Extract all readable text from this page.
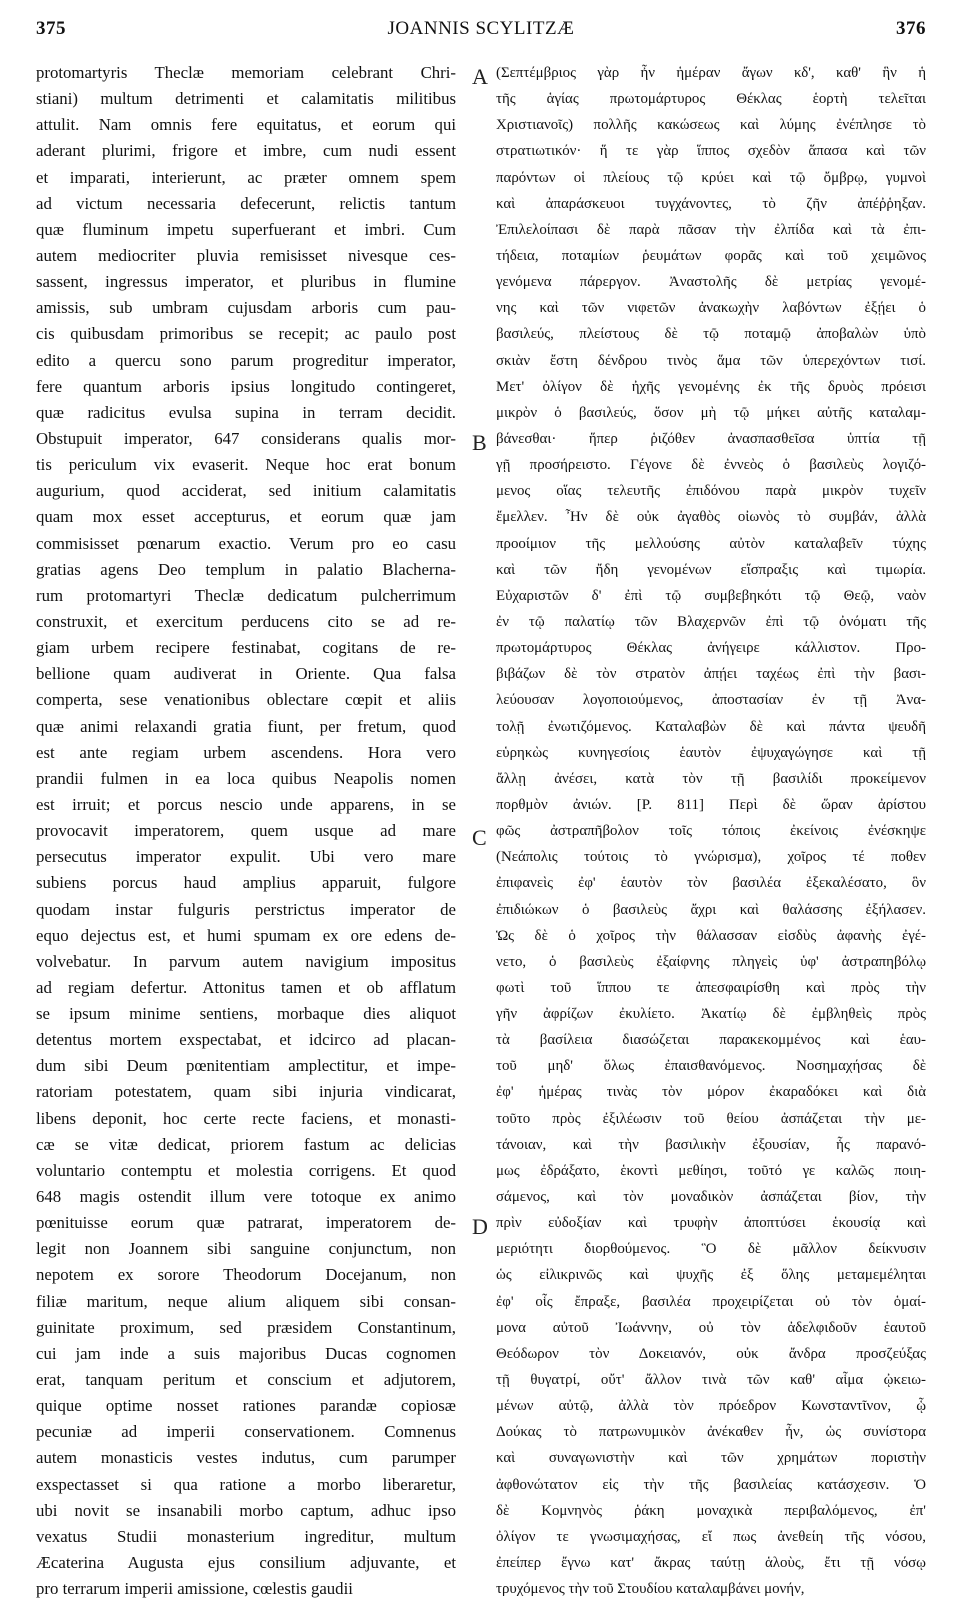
375	JOANNIS SCYLITZÆ	376
protomartyris Theclæ memoriam celebrant Chri-
stiani) multum detrimenti et calamitatis militibus
attulit. Nam omnis fere equitatus, et eorum qui
aderant plurimi, frigore et imbre, cum nudi essent
et imparati, interierunt, ac præter omnem spem
ad victum necessaria defecerunt, relictis tantum
quæ fluminum impetu superfuerant et imbri. Cum
autem mediocriter pluvia remisisset nivesque ces-
sassent, ingressus imperator, et pluribus in flumine
amissis, sub umbram cujusdam arboris cum pau-
cis quibusdam primoribus se recepit; ac paulo post
edito a quercu sono parum progreditur imperator,
fere quantum arboris ipsius longitudo contingeret,
quæ radicitus evulsa supina in terram decidit.
Obstupuit imperator, 647 considerans qualis mor-
tis periculum vix evaserit. Neque hoc erat bonum
augurium, quod acciderat, sed initium calamitatis
quam mox esset accepturus, et eorum quæ jam
commisisset pœnarum exactio. Verum pro eo casu
gratias agens Deo templum in palatio Blacherna-
rum protomartyri Theclæ dedicatum pulcherrimum
construxit, et exercitum perducens cito se ad re-
giam urbem recipere festinabat, cogitans de re-
bellione quam audiverat in Oriente. Qua falsa
comperta, sese venationibus oblectare cœpit et aliis
quæ animi relaxandi gratia fiunt, per fretum, quod
est ante regiam urbem ascendens. Hora vero
prandii fulmen in ea loca quibus Neapolis nomen
est irruit; et porcus nescio unde apparens, in se
provocavit imperatorem, quem usque ad mare
persecutus imperator expulit. Ubi vero mare
subiens porcus haud amplius apparuit, fulgore
quodam instar fulguris perstrictus imperator de
equo dejectus est, et humi spumam ex ore edens de-
volvebatur. In parvum autem navigium impositus
ad regiam defertur. Attonitus tamen et ob afflatum
se ipsum minime sentiens, morbaque dies aliquot
detentus mortem exspectabat, et idcirco ad placan-
dum sibi Deum pœnitentiam amplectitur, et impe-
ratoriam potestatem, quam sibi injuria vindicarat,
libens deponit, hoc certe recte faciens, et monasti-
cæ se vitæ dedicat, priorem fastum ac delicias
voluntario contemptu et molestia corrigens. Et quod
648 magis ostendit illum vere totoque ex animo
pœnituisse eorum quæ patrarat, imperatorem de-
legit non Joannem sibi sanguine conjunctum, non
nepotem ex sorore Theodorum Docejanum, non
filiæ maritum, neque alium aliquem sibi consan-
guinitate proximum, sed præsidem Constantinum,
cui jam inde a suis majoribus Ducas cognomen
erat, tanquam peritum et conscium et adjutorem,
quique optime nosset rationes parandæ copiosæ
pecuniæ ad imperii conservationem. Comnenus
autem monasticis vestes indutus, cum parumper
exspectasset si qua ratione a morbo liberaretur,
ubi novit se insanabili morbo captum, adhuc ipso
vexatus Studii monasterium ingreditur, multum
Æcaterina Augusta ejus consilium adjuvante, et
pro terrarum imperii amissione, cœlestis gaudii
(Σεπτέμβριος γὰρ ἦν ἡμέραν ἄγων κδ', καθ' ἣν ἡ
τῆς ἁγίας πρωτομάρτυρος Θέκλας ἑορτὴ τελεῖται
Χριστιανοῖς) πολλῆς κακώσεως καὶ λύμης ἐνέπλησε τὸ
στρατιωτικόν· ἥ τε γὰρ ἵππος σχεδὸν ἅπασα καὶ τῶν
παρόντων οἱ πλείους τῷ κρύει καὶ τῷ ὄμβρῳ, γυμνοὶ
καὶ ἀπαράσκευοι τυγχάνοντες, τὸ ζῆν ἀπέῤῥηξαν.
Ἐπιλελοίπασι δὲ παρὰ πᾶσαν τὴν ἐλπίδα καὶ τὰ ἐπι-
τήδεια, ποταμίων ῥευμάτων φορᾶς καὶ τοῦ χειμῶνος
γενόμενα πάρεργον. Ἀναστολῆς δὲ μετρίας γενομέ-
νης καὶ τῶν νιφετῶν ἀνακωχὴν λαβόντων ἐξῄει ὁ
βασιλεύς, πλείστους δὲ τῷ ποταμῷ ἀποβαλὼν ὑπὸ
σκιὰν ἔστη δένδρου τινὸς ἅμα τῶν ὑπερεχόντων τισί.
Μετ' ὀλίγον δὲ ἠχῆς γενομένης ἐκ τῆς δρυὸς πρόεισι
μικρὸν ὁ βασιλεύς, ὅσον μὴ τῷ μήκει αὐτῆς καταλαμ-
βάνεσθαι· ἥπερ ῥιζόθεν ἀνασπασθεῖσα ὑπτία τῇ
γῇ προσήρειστο. Γέγονε δὲ ἐννεὸς ὁ βασιλεὺς λογιζό-
μενος οἵας τελευτῆς ἐπιδόνου παρὰ μικρὸν τυχεῖν
ἔμελλεν. Ἦν δὲ οὐκ ἀγαθὸς οἰωνὸς τὸ συμβάν, ἀλλὰ
προοίμιον τῆς μελλούσης αὐτὸν καταλαβεῖν τύχης
καὶ τῶν ἤδη γενομένων εἴσπραξις καὶ τιμωρία.
Εὐχαριστῶν δ' ἐπὶ τῷ συμβεβηκότι τῷ Θεῷ, ναὸν
ἐν τῷ παλατίῳ τῶν Βλαχερνῶν ἐπὶ τῷ ὀνόματι τῆς
πρωτομάρτυρος Θέκλας ἀνήγειρε κάλλιστον. Προ-
βιβάζων δὲ τὸν στρατὸν ἀπῄει ταχέως ἐπὶ τὴν βασι-
λεύουσαν λογοποιούμενος, ἀποστασίαν ἐν τῇ Ἀνα-
τολῇ ἐνωτιζόμενος. Καταλαβὼν δὲ καὶ πάντα ψευδῆ
εὑρηκὼς κυνηγεσίοις ἑαυτὸν ἐψυχαγώγησε καὶ τῇ
ἄλλῃ ἀνέσει, κατὰ τὸν τῇ βασιλίδι προκείμενον
πορθμὸν ἀνιών. [P. 811] Περὶ δὲ ὥραν ἀρίστου
φῶς ἀστραπῆβολον τοῖς τόποις ἐκείνοις ἐνέσκηψε
(Νεάπολις τούτοις τὸ γνώρισμα), χοῖρος τέ ποθεν
ἐπιφανεὶς ἐφ' ἑαυτὸν τὸν βασιλέα ἐξεκαλέσατο, ὃν
ἐπιδιώκων ὁ βασιλεὺς ἄχρι καὶ θαλάσσης ἐξήλασεν.
Ὡς δὲ ὁ χοῖρος τὴν θάλασσαν εἰσδὺς ἀφανὴς ἐγέ-
νετο, ὁ βασιλεὺς ἐξαίφνης πληγεὶς ὑφ' ἀστραπηβόλῳ
φωτὶ τοῦ ἵππου τε ἀπεσφαιρίσθη καὶ πρὸς τὴν
γῆν ἀφρίζων ἐκυλίετο. Ἀκατίῳ δὲ ἐμβληθεὶς πρὸς
τὰ βασίλεια διασώζεται παρακεκομμένος καὶ ἑαυ-
τοῦ μηδ' ὅλως ἐπαισθανόμενος. Νοσημαχήσας δὲ
ἐφ' ἡμέρας τινὰς τὸν μόρον ἐκαραδόκει καὶ διὰ
τοῦτο πρὸς ἐξιλέωσιν τοῦ θείου ἀσπάζεται τὴν με-
τάνοιαν, καὶ τὴν βασιλικὴν ἐξουσίαν, ἧς παρανό-
μως ἐδράξατο, ἑκοντὶ μεθίησι, τοῦτό γε καλῶς ποιη-
σάμενος, καὶ τὸν μοναδικὸν ἀσπάζεται βίον, τὴν
πρὶν εὐδοξίαν καὶ τρυφὴν ἀποπτύσει ἑκουσίᾳ καὶ
μεριότητι διορθούμενος. Ὃ δὲ μᾶλλον δείκνυσιν
ὡς εἰλικρινῶς καὶ ψυχῆς ἐξ ὅλης μεταμεμέληται
ἐφ' οἷς ἔπραξε, βασιλέα προχειρίζεται οὐ τὸν ὁμαί-
μονα αὐτοῦ Ἰωάννην, οὐ τὸν ἀδελφιδοῦν ἑαυτοῦ
Θεόδωρον τὸν Δοκειανόν, οὐκ ἄνδρα προσζεύξας
τῇ θυγατρί, οὔτ' ἄλλον τινὰ τῶν καθ' αἷμα ᾠκειω-
μένων αὐτῷ, ἀλλὰ τὸν πρόεδρον Κωνσταντῖνον, ᾧ
Δούκας τὸ πατρωνυμικὸν ἀνέκαθεν ἦν, ὡς συνίστορα
καὶ συναγωνιστὴν καὶ τῶν χρημάτων ποριστὴν
ἀφθονώτατον εἰς τὴν τῆς βασιλείας κατάσχεσιν. Ὁ
δὲ Κομνηνὸς ῥάκη μοναχικὰ περιβαλόμενος, ἐπ'
ὀλίγον τε γνωσιμαχήσας, εἴ πως ἀνεθείη τῆς νόσου,
ἐπείπερ ἔγνω κατ' ἄκρας ταύτῃ ἁλοὺς, ἔτι τῇ νόσῳ
τρυχόμενος τὴν τοῦ Στουδίου καταλαμβάνει μονήν,
A
B
C
D
